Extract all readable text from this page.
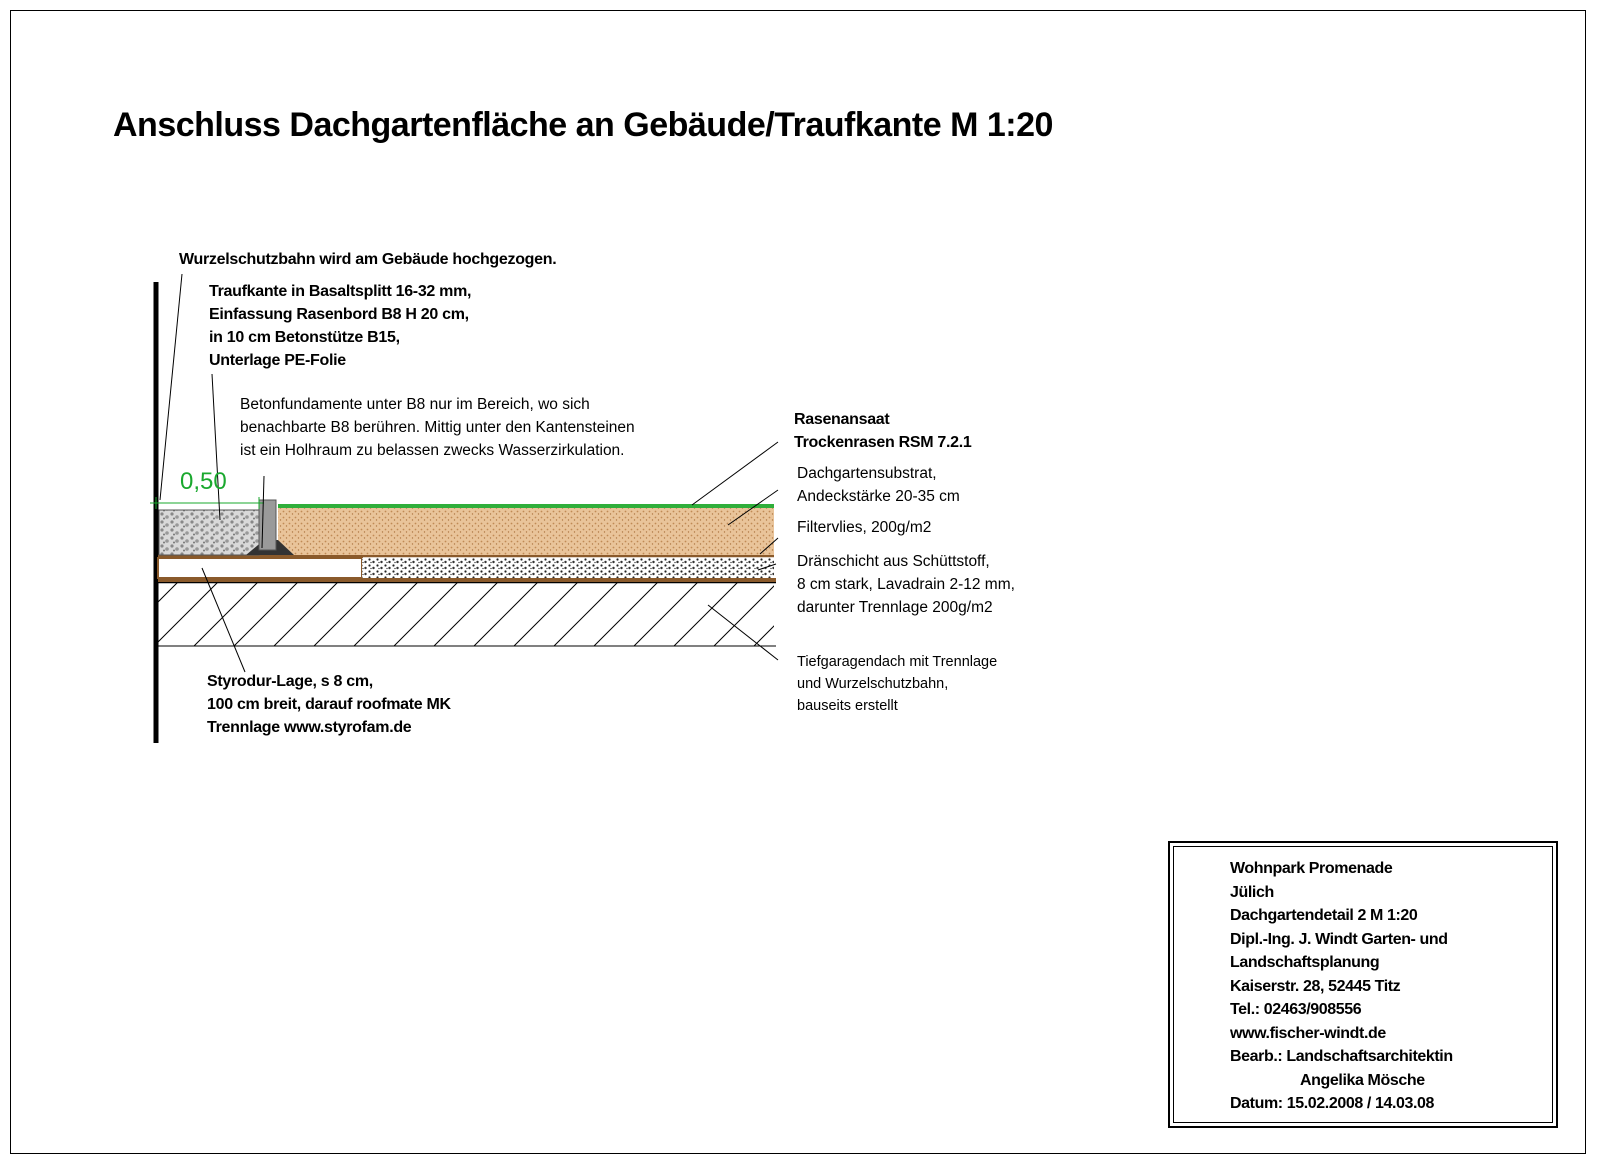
Anschluss Dachgartenfläche an Gebäude/Traufkante M 1:20
0,50
Wurzelschutzbahn wird am Gebäude hochgezogen.
Traufkante in Basaltsplitt 16-32 mm,
Einfassung Rasenbord B8 H 20 cm,
in 10 cm Betonstütze B15,
Unterlage PE-Folie
Betonfundamente unter B8 nur im Bereich, wo sich
benachbarte B8 berühren. Mittig unter den Kantensteinen
ist ein Holhraum zu belassen zwecks Wasserzirkulation.
Rasenansaat
Trockenrasen RSM 7.2.1
Dachgartensubstrat,
Andeckstärke 20-35 cm
Filtervlies, 200g/m2
Dränschicht aus Schüttstoff,
8 cm stark, Lavadrain 2-12 mm,
darunter Trennlage 200g/m2
Tiefgaragendach mit Trennlage
und Wurzelschutzbahn,
bauseits erstellt
Styrodur-Lage, s 8 cm,
100 cm breit, darauf roofmate MK
Trennlage www.styrofam.de
Wohnpark Promenade
Jülich
Dachgartendetail 2 M 1:20
Dipl.-Ing. J. Windt Garten- und
Landschaftsplanung
Kaiserstr. 28, 52445 Titz
Tel.: 02463/908556
www.fischer-windt.de
Bearb.: Landschaftsarchitektin
Angelika Mösche
Datum: 15.02.2008 / 14.03.08
